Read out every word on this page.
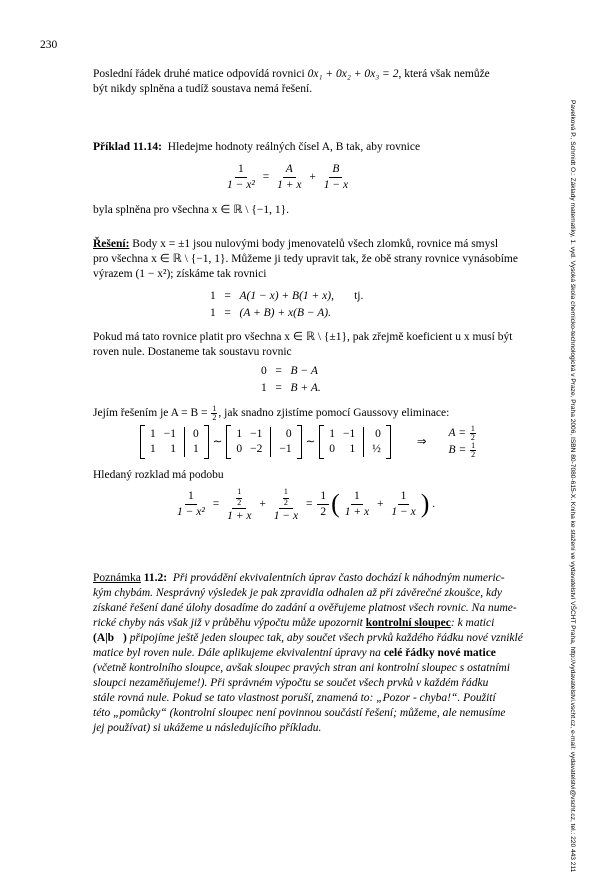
230
Poslední řádek druhé matice odpovídá rovnici 0x₁ + 0x₂ + 0x₃ = 2, která však nemůže
být nikdy splněna a tudíž soustava nemá řešení.
Příklad 11.14: Hledejme hodnoty reálných čísel A, B tak, aby rovnice
$\frac{1}{\text{1 − x²}} = \frac{A}{1 + x} + \frac{B}{1 - x}$
byla splněna pro všechna x ∈ ℝ \ {−1, 1}.
Řešení: Body x = ±1 jsou nulovými body jmenovatelů všech zlomků, rovnice má smysl
pro všechna x ∈ ℝ \ {−1, 1}. Můžeme ji tedy upravit tak, že obě strany rovnice vynásobíme
výrazem (1 − x²); získáme tak rovnici
1 = A(1 − x) + B(1 + x), tj.
1 = (A + B) + x(B − A).
Pokud má tato rovnice platit pro všechna x ∈ ℝ \ {±1}, pak zřejmě koeficient u x musí být
roven nule. Dostaneme tak soustavu rovnic
0 = B − A
1 = B + A.
Jejím řešením je $A = B = \frac{1}{2}$ , jak snadno zjistíme pomocí Gaussovy eliminace:
1 −1 0
1	1 1
∼
1 −1	0
0 −2 −1
∼
1 −1 0
0	1 ½
⇒
$A = \frac{1}{2}$
$B = \frac{1}{2}$
Hledaný rozklad má podobu
$\frac{1}{\text{1 − x²}} = \frac{\frac{1}{2}}{1 + x} + \frac{\frac{1}{2}}{1 - x} = \frac{1}{2}$ ( $\frac{1}{1 + x} + \frac{1}{1 - x}$ ) .
Poznámka 11.2: Při provádění ekvivalentních úprav často dochází k náhodným numeric-
kým chybám. Nesprávný výsledek je pak zpravidla odhalen až při závěrečné zkoušce, kdy
získané řešení dané úlohy dosadíme do zadání a ověřujeme platnost všech rovnic. Na nume-
rické chyby nás však již v průběhu výpočtu může upozornit kontrolní sloupec: k matici
(A|b⃗) připojíme ještě jeden sloupec tak, aby součet všech prvků každého řádku nové vzniklé
matice byl roven nule. Dále aplikujeme ekvivalentní úpravy na celé řádky nové matice
(včetně kontrolního sloupce, avšak sloupec pravých stran ani kontrolní sloupec s ostatními
sloupci nezaměňujeme!). Při správném výpočtu se součet všech prvků v každém řádku
stále rovná nule. Pokud se tato vlastnost poruší, znamená to: „Pozor - chyba!“. Použití
této „pomůcky“ (kontrolní sloupec není povinnou součástí řešení; můžeme, ale nemusíme
jej používat) si ukážeme u následujícího příkladu.	Pavelková P., Schmidt O.: Základy matematiky, 1. vyd. Vysoká škola chemicko-technologická v Praze, Praha 2006, ISBN 80-7080-615-X. Kniha ke stažení ve vydavatelství VŠCHT Praha, http://vydavatelstvi.vscht.cz, e-mail: vydavatelstvi@vscht.cz, tel.: 220 443 211
